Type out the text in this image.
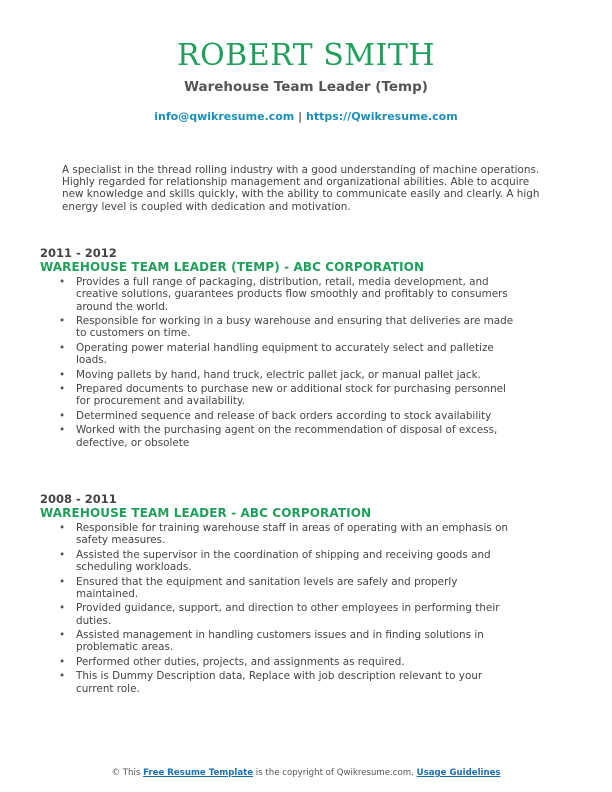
ROBERT SMITH
Warehouse Team Leader (Temp)
info@qwikresume.com | https://Qwikresume.com
A specialist in the thread rolling industry with a good understanding of machine operations. Highly regarded for relationship management and organizational abilities. Able to acquire new knowledge and skills quickly, with the ability to communicate easily and clearly. A high energy level is coupled with dedication and motivation.
2011 - 2012
WAREHOUSE TEAM LEADER (TEMP) - ABC CORPORATION
• Provides a full range of packaging, distribution, retail, media development, and creative solutions, guarantees products flow smoothly and profitably to consumers around the world.
• Responsible for working in a busy warehouse and ensuring that deliveries are made to customers on time.
• Operating power material handling equipment to accurately select and palletize loads.
• Moving pallets by hand, hand truck, electric pallet jack, or manual pallet jack.
• Prepared documents to purchase new or additional stock for purchasing personnel for procurement and availability.
• Determined sequence and release of back orders according to stock availability
• Worked with the purchasing agent on the recommendation of disposal of excess, defective, or obsolete
2008 - 2011
WAREHOUSE TEAM LEADER - ABC CORPORATION
• Responsible for training warehouse staff in areas of operating with an emphasis on safety measures.
• Assisted the supervisor in the coordination of shipping and receiving goods and scheduling workloads.
• Ensured that the equipment and sanitation levels are safely and properly maintained.
• Provided guidance, support, and direction to other employees in performing their duties.
• Assisted management in handling customers issues and in finding solutions in problematic areas.
• Performed other duties, projects, and assignments as required.
• This is Dummy Description data, Replace with job description relevant to your current role.
© This Free Resume Template is the copyright of Qwikresume.com. Usage Guidelines
